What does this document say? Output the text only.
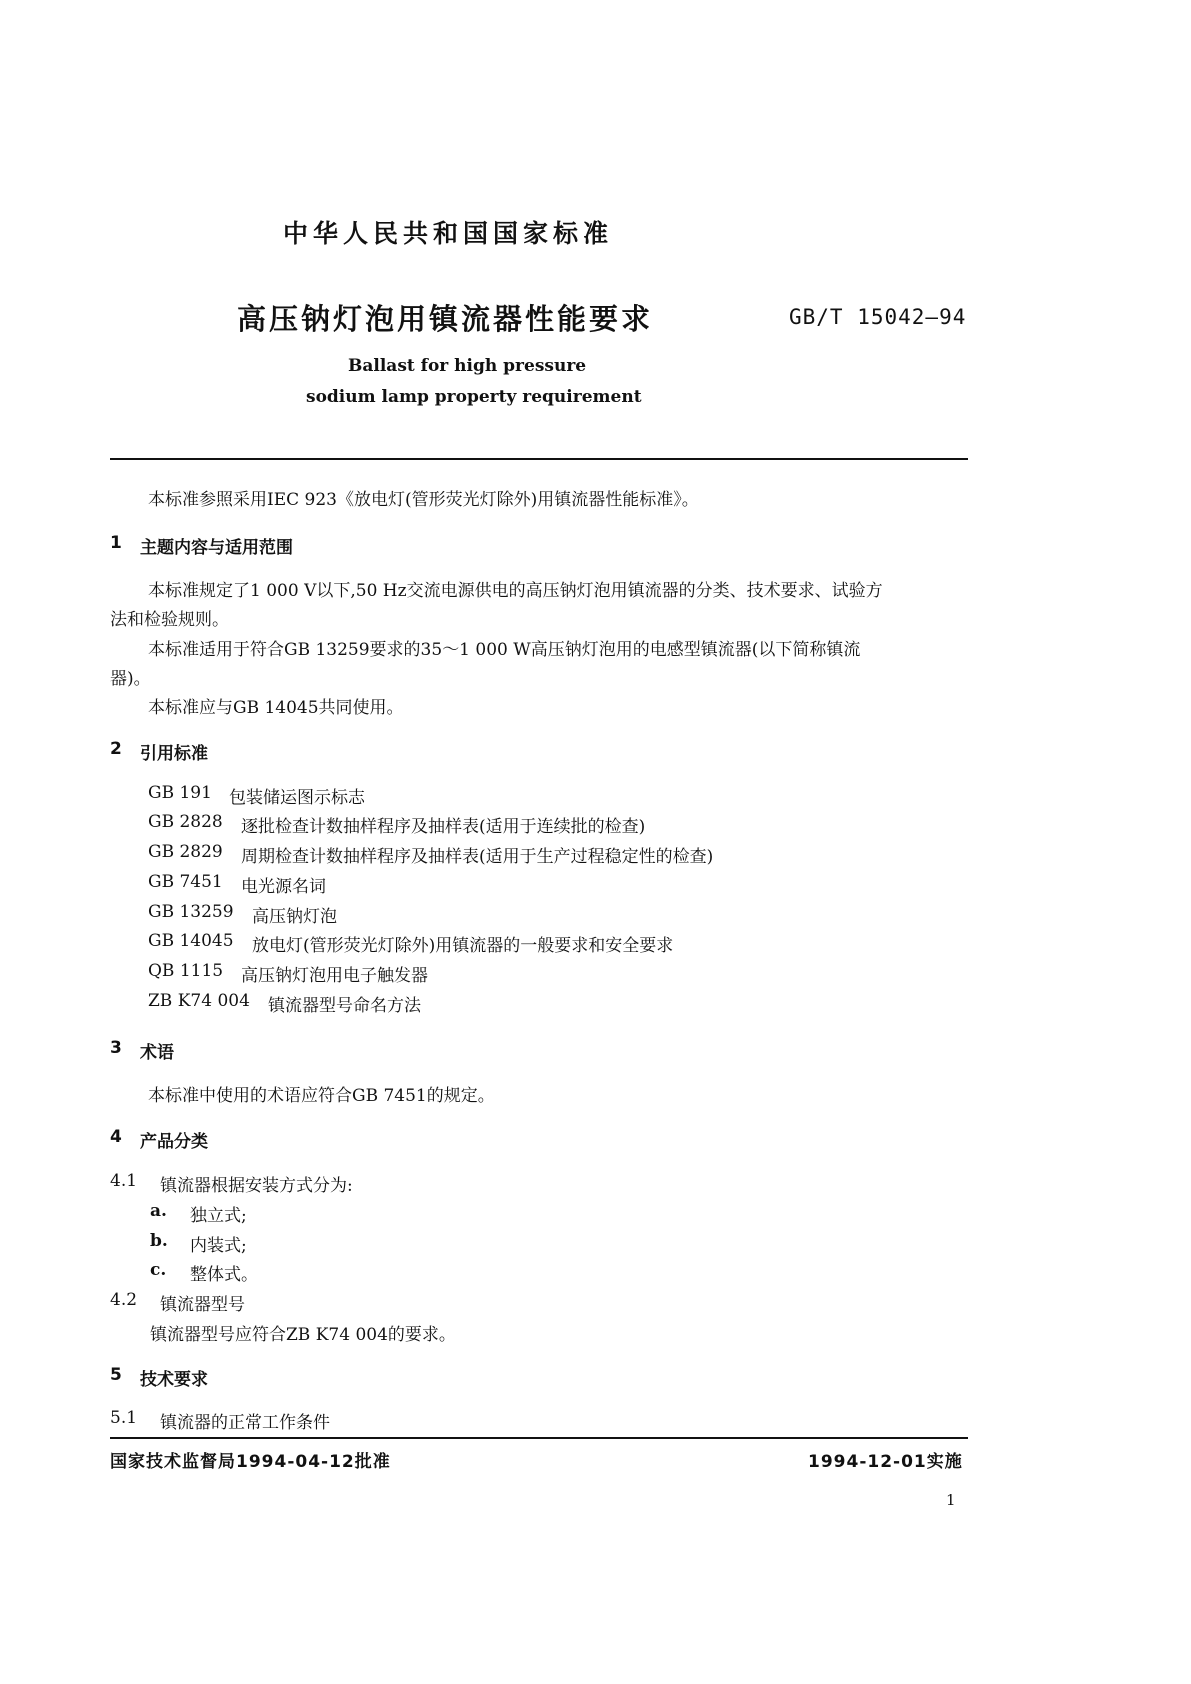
中华人民共和国国家标准
高压钠灯泡用镇流器性能要求	GB/T 15042—94
Ballast for high pressure
sodium lamp property requirement
本标准参照采用IEC 923《放电灯(管形荧光灯除外)用镇流器性能标准》。
1 主题内容与适用范围
本标准规定了1 000 V以下,50 Hz交流电源供电的高压钠灯泡用镇流器的分类、技术要求、试验方
法和检验规则。
本标准适用于符合GB 13259要求的35～1 000 W高压钠灯泡用的电感型镇流器(以下简称镇流
器)。
本标准应与GB 14045共同使用。
2 引用标准
GB 191 包装储运图示标志
GB 2828 逐批检查计数抽样程序及抽样表(适用于连续批的检查)
GB 2829 周期检查计数抽样程序及抽样表(适用于生产过程稳定性的检查)
GB 7451 电光源名词
GB 13259 高压钠灯泡
GB 14045 放电灯(管形荧光灯除外)用镇流器的一般要求和安全要求
QB 1115 高压钠灯泡用电子触发器
ZB K74 004 镇流器型号命名方法
3 术语
本标准中使用的术语应符合GB 7451的规定。
4 产品分类
4.1 镇流器根据安装方式分为:
a. 独立式;
b. 内装式;
c. 整体式。
4.2 镇流器型号
镇流器型号应符合ZB K74 004的要求。
5 技术要求
5.1 镇流器的正常工作条件
国家技术监督局1994-04-12批准	1994-12-01实施
1
